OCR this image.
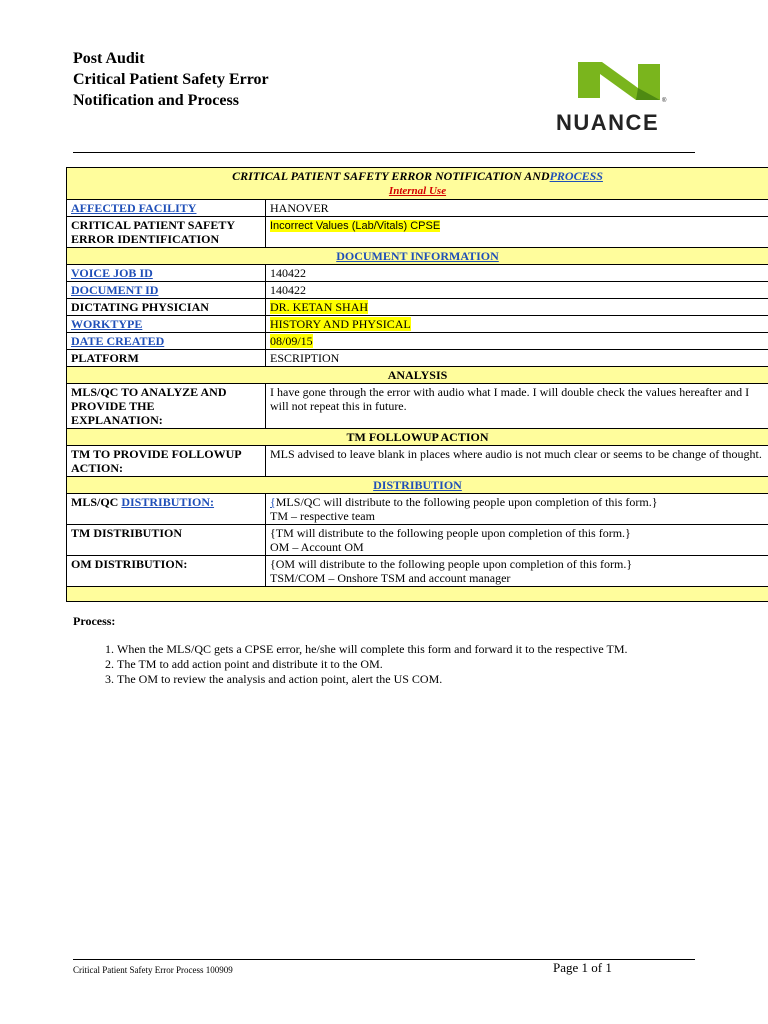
Post Audit
Critical Patient Safety Error
Notification and Process	®
NUANCE
CRITICAL PATIENT SAFETY ERROR NOTIFICATION ANDPROCESS
Internal Use	
AFFECTED FACILITY	HANOVER

CRITICAL PATIENT SAFETY
ERROR IDENTIFICATION	Incorrect Values (Lab/Vitals) CPSE
DOCUMENT INFORMATION	
VOICE JOB ID	140422
DOCUMENT ID	140422
DICTATING PHYSICIAN	DR. KETAN SHAH
WORKTYPE	HISTORY AND PHYSICAL
DATE CREATED	08/09/15
PLATFORM	ESCRIPTION
ANALYSIS	

MLS/QC TO ANALYZE AND
PROVIDE THE
EXPLANATION:	I have gone through the error with audio what I made. I will double check the values hereafter and I will not repeat this in future.
TM FOLLOWUP ACTION	

TM TO PROVIDE FOLLOWUP
ACTION:	MLS advised to leave blank in places where audio is not much clear or seems to be change of thought.
DISTRIBUTION	
MLS/QC DISTRIBUTION:	{MLS/QC will distribute to the following people upon completion of this form.}
TM – respective team

TM DISTRIBUTION	{TM will distribute to the following people upon completion of this form.}
OM – Account OM

OM DISTRIBUTION:	{OM will distribute to the following people upon completion of this form.}
TSM/COM – Onshore TSM and account manager

Process:
1. When the MLS/QC gets a CPSE error, he/she will complete this form and forward it to the respective TM.
2. The TM to add action point and distribute it to the OM.
3. The OM to review the analysis and action point, alert the US COM.
Critical Patient Safety Error Process 100909	Page 1 of 1
